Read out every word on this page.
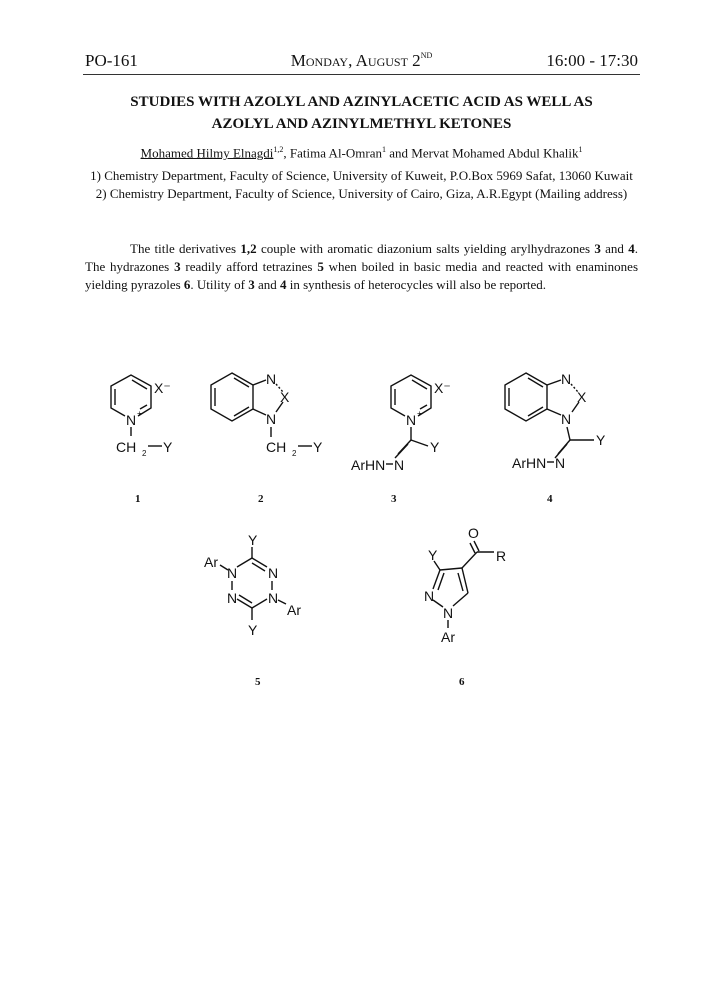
PO-161	Monday, August 2ND	16:00 - 17:30
STUDIES WITH AZOLYL AND AZINYLACETIC ACID AS WELL AS
AZOLYL AND AZINYLMETHYL KETONES
Mohamed Hilmy Elnagdi$^{1,2}$, Fatima Al-Omran$^1$ and Mervat Mohamed Abdul Khalik$^1$
1) Chemistry Department, Faculty of Science, University of Kuweit, P.O.Box 5969 Safat, 13060 Kuwait
2) Chemistry Department, Faculty of Science, University of Cairo, Giza, A.R.Egypt (Mailing address)
The title derivatives 1,2 couple with aromatic diazonium salts yielding arylhydrazones 3 and 4. The hydrazones 3 readily afford tetrazines 5 when boiled in basic media and reacted with enaminones yielding pyrazoles 6. Utility of 3 and 4 in synthesis of heterocycles will also be reported.
N +
X⁻
CH 2 Y
1
N
X
N
CH 2 Y
2
N +
X⁻
Y
ArHN N
3
N
X
N
Y
ArHN N
4
Y
N N
Ar
N N
Ar
Y
5
O
R
Y
N
N
Ar
6
